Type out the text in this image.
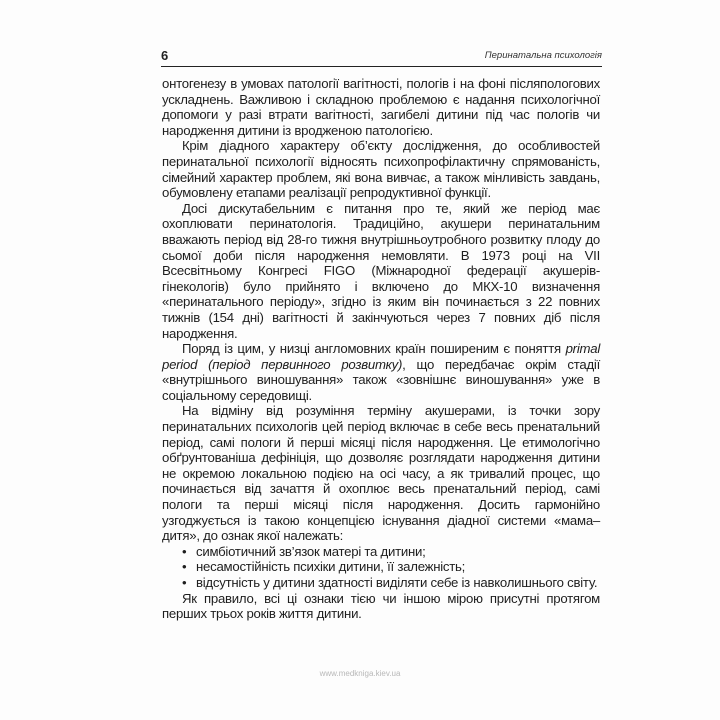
6	Перинатальна психологія

онтогенезу в умовах патології вагітності, пологів і на фоні післяпологових ускладнень. Важливою і складною проблемою є надання психологічної допомоги у разі втрати вагітності, загибелі дитини під час пологів чи народження дитини із вродженою патологією.

Крім діадного характеру об’єкту дослідження, до особливостей перинатальної психології відносять психопрофілактичну спрямованість, сімейний характер проблем, які вона вивчає, а також мінливість завдань, обумовлену етапами реалізації репродуктивної функції.

Досі дискутабельним є питання про те, який же період має охоплювати перинатологія. Традиційно, акушери перинатальним вважають період від 28-го тижня внутрішньоутробного розвитку плоду до сьомої доби після народження немовляти. В 1973 році на VII Всесвітньому Конгресі FIGO (Міжнародної федерації акушерів-гінекологів) було прийнято і включено до МКХ-10 визначення «перинатального періоду», згідно із яким він починається з 22 повних тижнів (154 дні) вагітності й закінчуються через 7 повних діб після народження.

Поряд із цим, у низці англомовних країн поширеним є поняття primal period (період первинного розвитку), що передбачає окрім стадії «внутрішнього виношування» також «зовнішнє виношування» уже в соціальному середовищі.

На відміну від розуміння терміну акушерами, із точки зору перинатальних психологів цей період включає в себе весь пренатальний період, самі пологи й перші місяці після народження. Це етимологічно обґрунтованіша дефініція, що дозволяє розглядати народження дитини не окремою локальною подією на осі часу, а як тривалий процес, що починається від зачаття й охоплює весь пренатальний період, самі пологи та перші місяці після народження. Досить гармонійно узгоджується із такою концепцією існування діадної системи «мама–дитя», до ознак якої належать:

• симбіотичний зв’язок матері та дитини;
• несамостійність психіки дитини, її залежність;
• відсутність у дитини здатності виділяти себе із навколишнього світу.

Як правило, всі ці ознаки тією чи іншою мірою присутні протягом перших трьох років життя дитини.

www.medkniga.kiev.ua
